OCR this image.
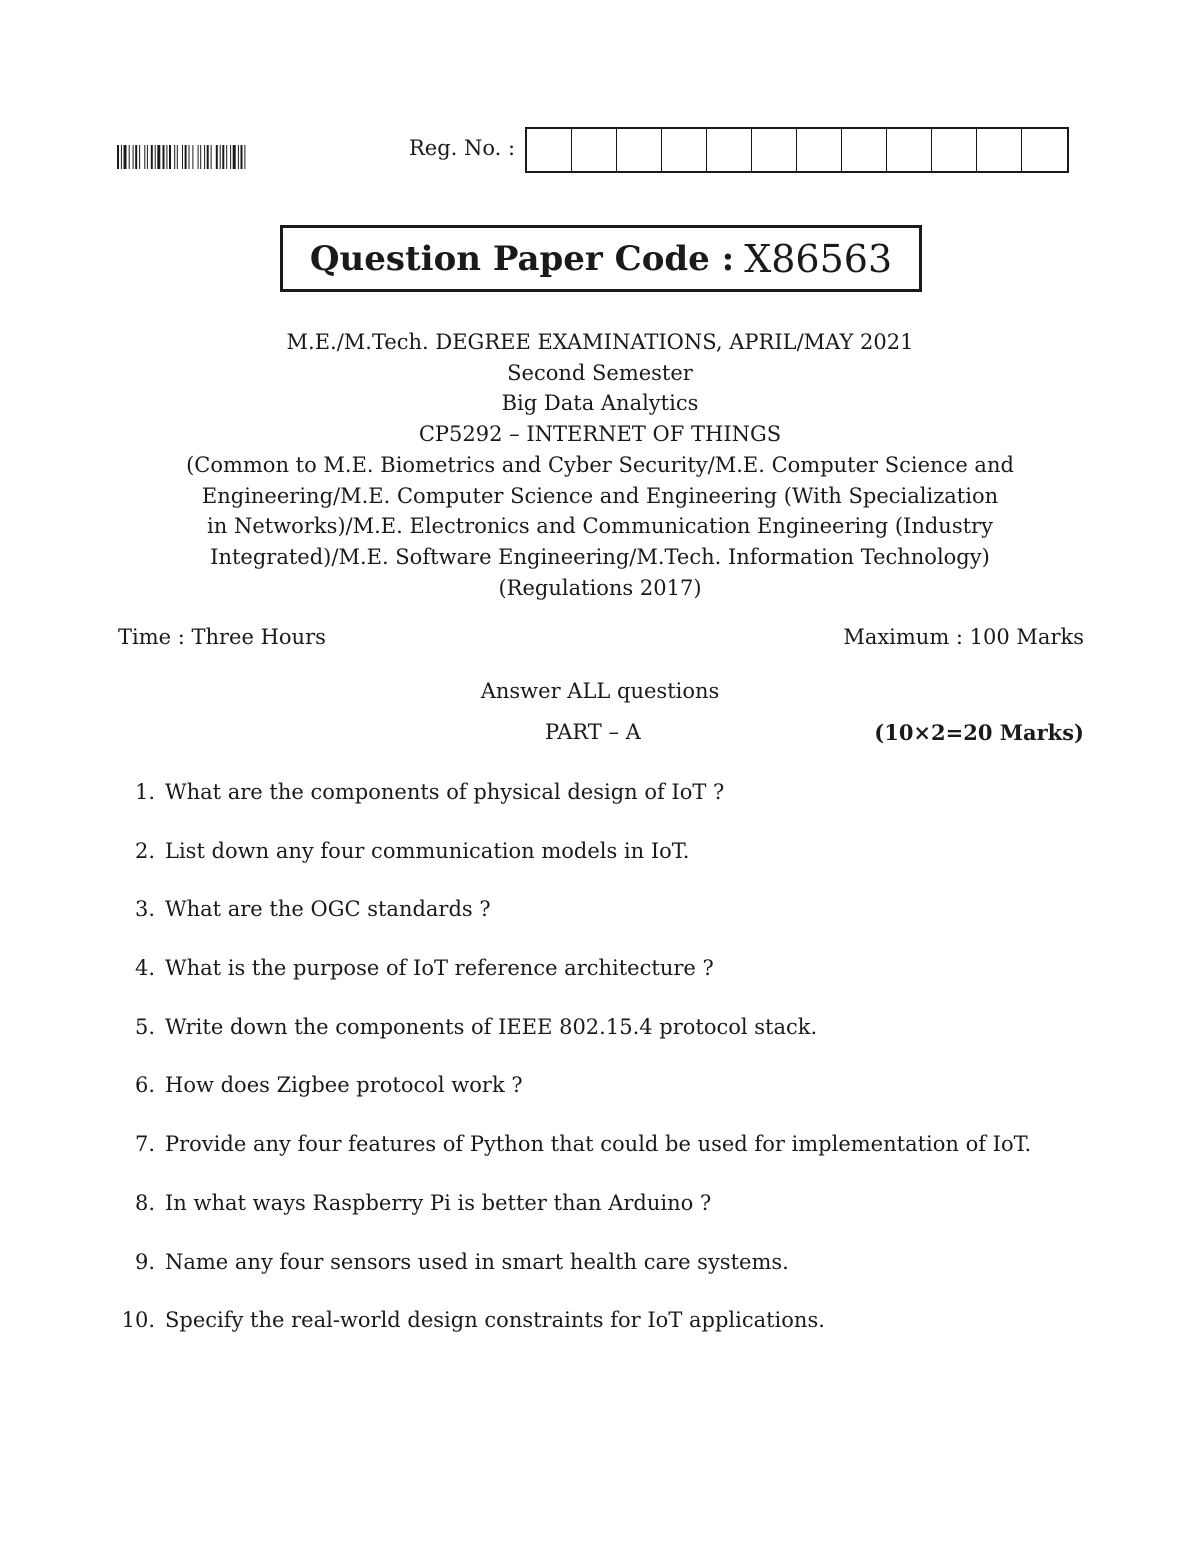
Reg. No. :
Question Paper Code : X86563
M.E./M.Tech. DEGREE EXAMINATIONS, APRIL/MAY 2021
Second Semester
Big Data Analytics
CP5292 – INTERNET OF THINGS
(Common to M.E. Biometrics and Cyber Security/M.E. Computer Science and
Engineering/M.E. Computer Science and Engineering (With Specialization
in Networks)/M.E. Electronics and Communication Engineering (Industry
Integrated)/M.E. Software Engineering/M.Tech. Information Technology)
(Regulations 2017)
Time : Three Hours	Maximum : 100 Marks
Answer ALL questions
PART – A	(10×2=20 Marks)
1. What are the components of physical design of IoT ?
2. List down any four communication models in IoT.
3. What are the OGC standards ?
4. What is the purpose of IoT reference architecture ?
5. Write down the components of IEEE 802.15.4 protocol stack.
6. How does Zigbee protocol work ?
7. Provide any four features of Python that could be used for implementation of IoT.
8. In what ways Raspberry Pi is better than Arduino ?
9. Name any four sensors used in smart health care systems.
10. Specify the real-world design constraints for IoT applications.
